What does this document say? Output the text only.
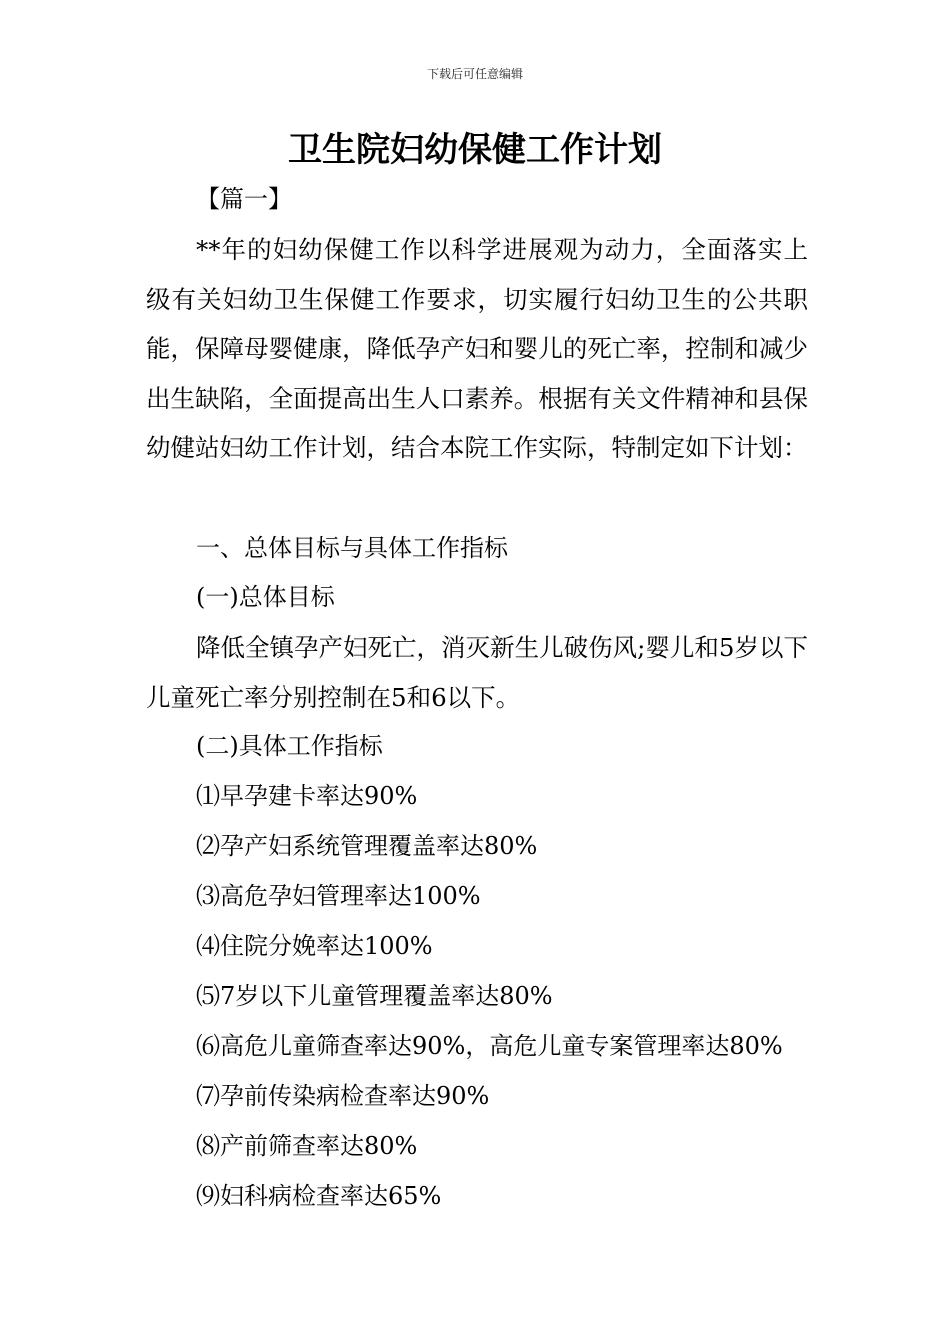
下载后可任意编辑
卫生院妇幼保健工作计划
【篇一】

**年的妇幼保健工作以科学进展观为动力，全面落实上级有关妇幼卫生保健工作要求，切实履行妇幼卫生的公共职能，保障母婴健康，降低孕产妇和婴儿的死亡率，控制和减少出生缺陷，全面提高出生人口素养。根据有关文件精神和县保幼健站妇幼工作计划，结合本院工作实际，特制定如下计划：

一、总体目标与具体工作指标
(一)总体目标

降低全镇孕产妇死亡，消灭新生儿破伤风;婴儿和5岁以下儿童死亡率分别控制在5和6以下。

(二)具体工作指标
⑴早孕建卡率达90%
⑵孕产妇系统管理覆盖率达80%
⑶高危孕妇管理率达100%
⑷住院分娩率达100%
⑸7岁以下儿童管理覆盖率达80%
⑹高危儿童筛查率达90%，高危儿童专案管理率达80%
⑺孕前传染病检查率达90%
⑻产前筛查率达80%
⑼妇科病检查率达65%
